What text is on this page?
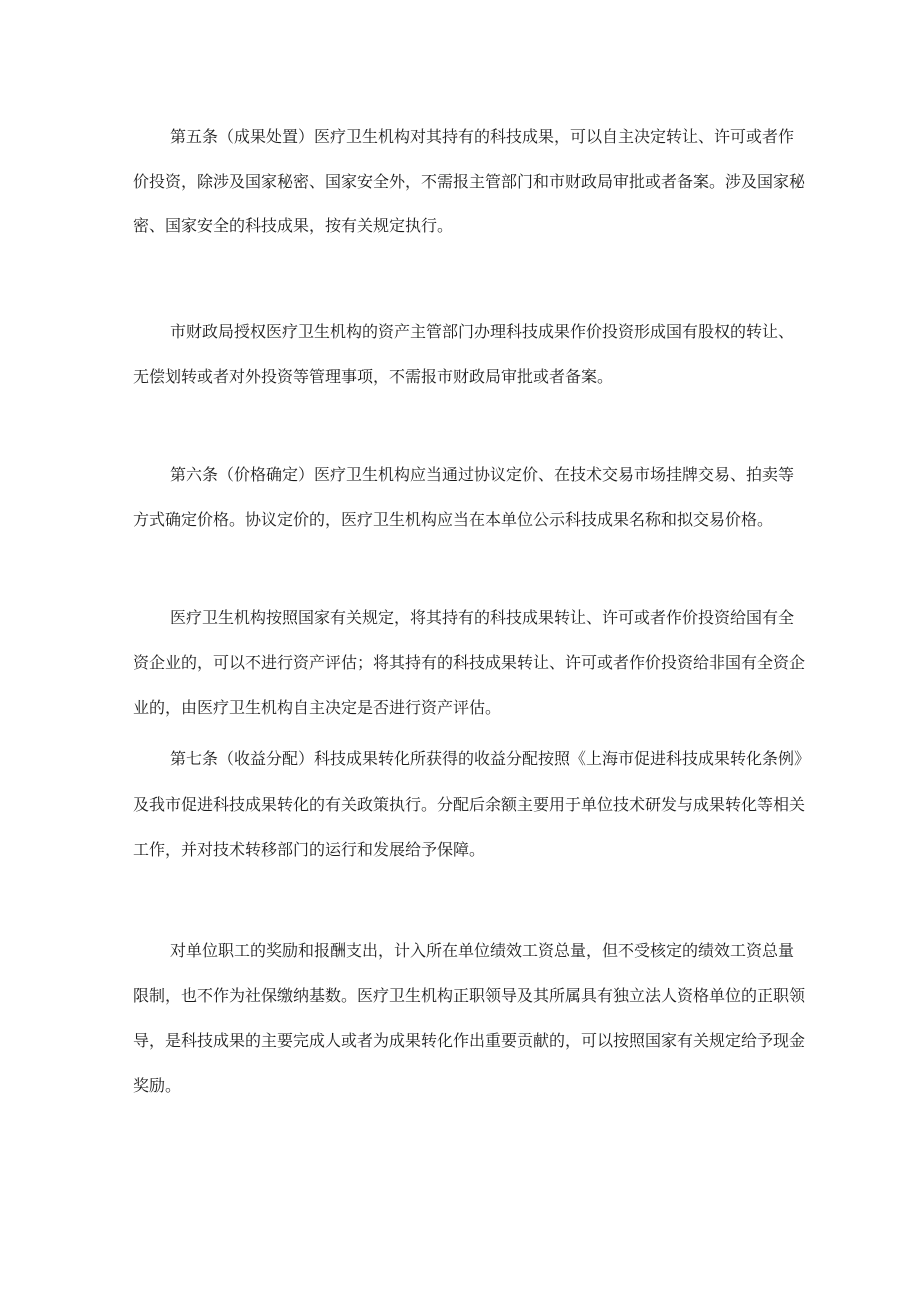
第五条（成果处置）医疗卫生机构对其持有的科技成果，可以自主决定转让、许可或者作
价投资，除涉及国家秘密、国家安全外，不需报主管部门和市财政局审批或者备案。涉及国家秘
密、国家安全的科技成果，按有关规定执行。
市财政局授权医疗卫生机构的资产主管部门办理科技成果作价投资形成国有股权的转让、
无偿划转或者对外投资等管理事项，不需报市财政局审批或者备案。
第六条（价格确定）医疗卫生机构应当通过协议定价、在技术交易市场挂牌交易、拍卖等
方式确定价格。协议定价的，医疗卫生机构应当在本单位公示科技成果名称和拟交易价格。
医疗卫生机构按照国家有关规定，将其持有的科技成果转让、许可或者作价投资给国有全
资企业的，可以不进行资产评估；将其持有的科技成果转让、许可或者作价投资给非国有全资企
业的，由医疗卫生机构自主决定是否进行资产评估。
第七条（收益分配）科技成果转化所获得的收益分配按照《上海市促进科技成果转化条例》
及我市促进科技成果转化的有关政策执行。分配后余额主要用于单位技术研发与成果转化等相关
工作，并对技术转移部门的运行和发展给予保障。
对单位职工的奖励和报酬支出，计入所在单位绩效工资总量，但不受核定的绩效工资总量
限制，也不作为社保缴纳基数。医疗卫生机构正职领导及其所属具有独立法人资格单位的正职领
导，是科技成果的主要完成人或者为成果转化作出重要贡献的，可以按照国家有关规定给予现金
奖励。
